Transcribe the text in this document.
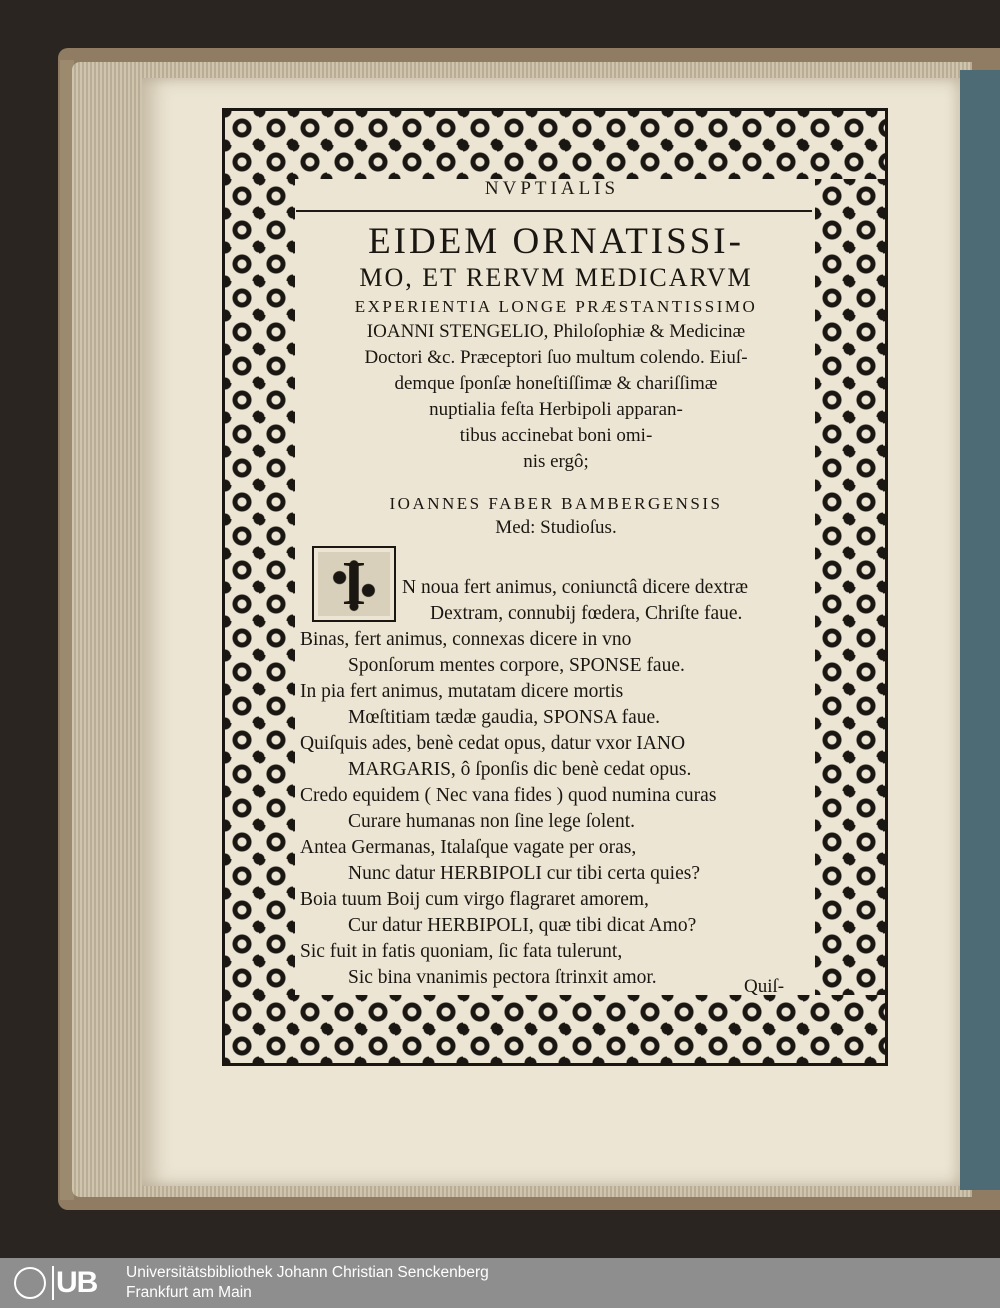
NVPTIALIS
EIDEM ORNATISSI-
MO, ET RERVM MEDICARVM
EXPERIENTIA LONGE PRÆSTANTISSIMO
IOANNI STENGELIO, Philoſophiæ & Medicinæ
Doctori &c. Præceptori ſuo multum colendo. Eiuſ-
demque ſponſæ honeſtiſſimæ & chariſſimæ
nuptialia feſta Herbipoli apparan-
tibus accinebat boni omi-
nis ergô;
IOANNES FABER BAMBERGENSIS
Med: Studioſus.
I	N noua fert animus, coniunctâ dicere dextræ
Dextram, connubij fœdera, Chriſte faue.
Binas, fert animus, connexas dicere in vno
Sponſorum mentes corpore, SPONSE faue.
In pia fert animus, mutatam dicere mortis
Mœſtitiam tædæ gaudia, SPONSA faue.
Quiſquis ades, benè cedat opus, datur vxor IANO
MARGARIS, ô ſponſis dic benè cedat opus.
Credo equidem ( Nec vana fides ) quod numina curas
Curare humanas non ſine lege ſolent.
Antea Germanas, Italaſque vagate per oras,
Nunc datur HERBIPOLI cur tibi certa quies?
Boia tuum Boij cum virgo flagraret amorem,
Cur datur HERBIPOLI, quæ tibi dicat Amo?
Sic fuit in fatis quoniam, ſic fata tulerunt,
Sic bina vnanimis pectora ſtrinxit amor.	Quiſ-
UB Universitätsbibliothek Johann Christian Senckenberg
Frankfurt am Main
